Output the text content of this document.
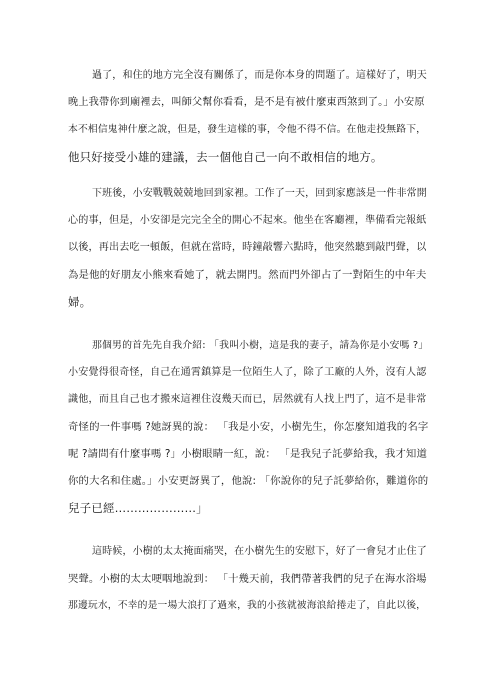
過了，和住的地方完全沒有關係了，而是你本身的問題了。這樣好了，明天
晚上我帶你到廟裡去，叫師父幫你看看，是不是有被什麼東西煞到了。」小安原
本不相信鬼神什麼之說，但是，發生這樣的事，令他不得不信。在他走投無路下，
他只好接受小雄的建議，去一個他自己一向不敢相信的地方。
下班後，小安戰戰兢兢地回到家裡。工作了一天，回到家應該是一件非常開
心的事，但是，小安卻是完完全全的開心不起來。他坐在客廳裡，準備看完報紙
以後，再出去吃一頓飯，但就在當時，時鐘敲響六點時，他突然聽到敲門聲，以
為是他的好朋友小熊來看她了，就去開門。然而門外卻占了一對陌生的中年夫
婦。
那個男的首先先自我介紹: 「我叫小樹，這是我的妻子，請為你是小安嗎 ?」
小安覺得很奇怪，自己在通霄鎮算是一位陌生人了，除了工廠的人外，沒有人認
識他，而且自己也才搬來這裡住沒幾天而已，居然就有人找上門了，這不是非常
奇怪的一件事嗎 ?她訝異的說： 「我是小安，小樹先生，你怎麼知道我的名字
呢 ?請問有什麼事嗎 ?」小樹眼睛一紅，說： 「是我兒子託夢給我，我才知道
你的大名和住處。」小安更訝異了，他說: 「你說你的兒子託夢給你，難道你的
兒子已經…………………」
這時候，小樹的太太掩面痛哭，在小樹先生的安慰下，好了一會兒才止住了
哭聲。小樹的太太哽咽地說到： 「十幾天前，我們帶著我們的兒子在海水浴場
那邊玩水，不幸的是一場大浪打了過來，我的小孩就被海浪給捲走了，自此以後，
